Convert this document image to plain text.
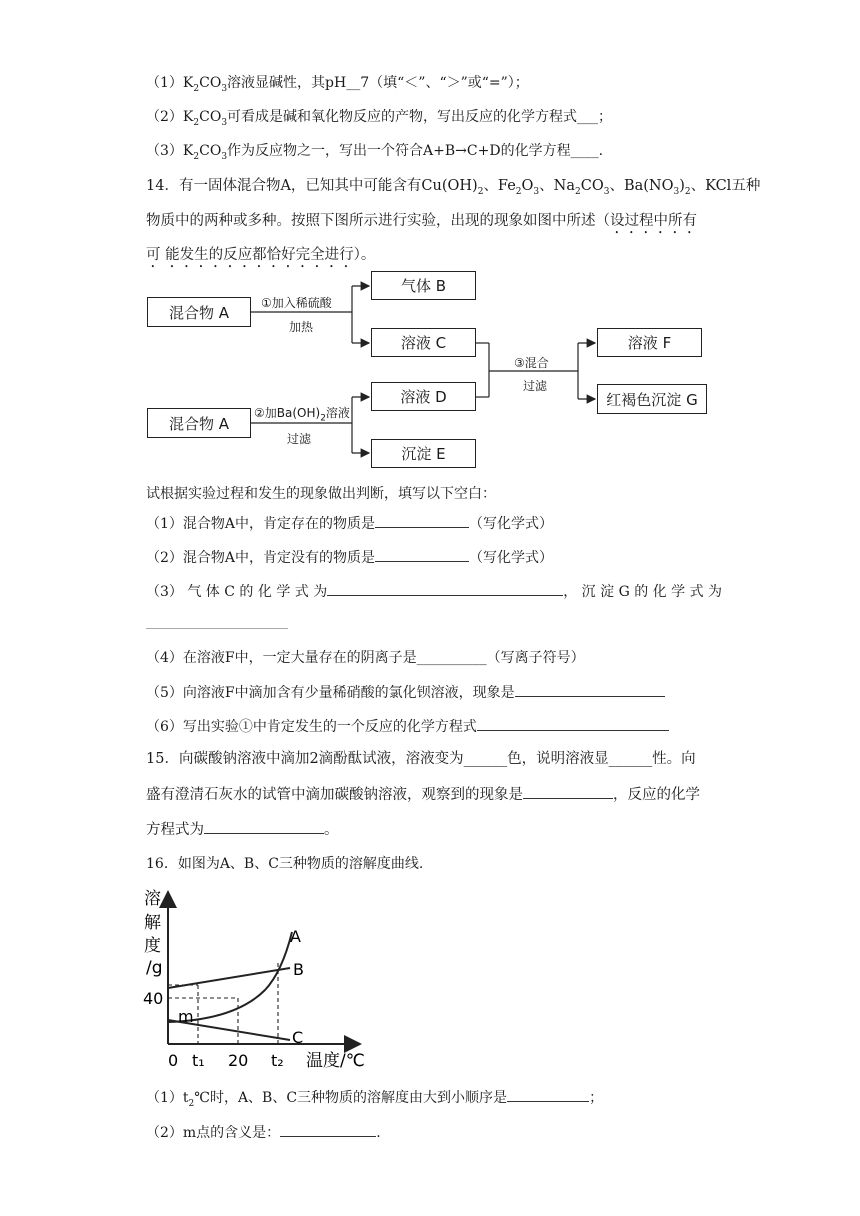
$(1)K_2CO_3$溶液显碱性，其pH__7（填“＜”、“＞”或“=”）；
$(2)K_2CO_3$可看成是碱和氧化物反应的产物，写出反应的化学方程式___；
$(3)K_2CO_3$作为反应物之一，写出一个符合A+B→C+D的化学方程____.
14．有一固体混合物A，已知其中可能含有$Cu(OH)_2$、$Fe_2O_3$、$Na_2CO_3$、$Ba(NO_3)_2$、KCl五种
物质中的两种或多种。按照下图所示进行实验，出现的现象如图中所述（设过程中所有
可 能发生的反应都恰好完全进行）。
混合物 A
混合物 A
气体 B
溶液 C
溶液 D
沉淀 E
溶液 F
红褐色沉淀 G
①加入稀硫酸
加热
②加$Ba(OH)_2$溶液
过滤
③混合
过滤
试根据实验过程和发生的现象做出判断，填写以下空白：
（1）混合物A中，肯定存在的物质是	（写化学式）
（2）混合物A中，肯定没有的物质是	（写化学式）
（3） 气 体 C 的 化 学 式 为	， 沉 淀 G 的 化 学 式 为
（4）在溶液F中，一定大量存在的阴离子是__________（写离子符号）
（5）向溶液F中滴加含有少量稀硝酸的氯化钡溶液，现象是
（6）写出实验①中肯定发生的一个反应的化学方程式
15．向碳酸钠溶液中滴加2滴酚酞试液，溶液变为______色，说明溶液显______性。向
盛有澄清石灰水的试管中滴加碳酸钠溶液，观察到的现象是	，反应的化学
方程式为	。
16．如图为A、B、C三种物质的溶解度曲线.
溶
解
度
/g
40
m
0 t₁ 20 t₂ 温度/℃
A
B
C
$(1)t_2℃$时，A、B、C三种物质的溶解度由大到小顺序是	；
（2）m点的含义是：	.
